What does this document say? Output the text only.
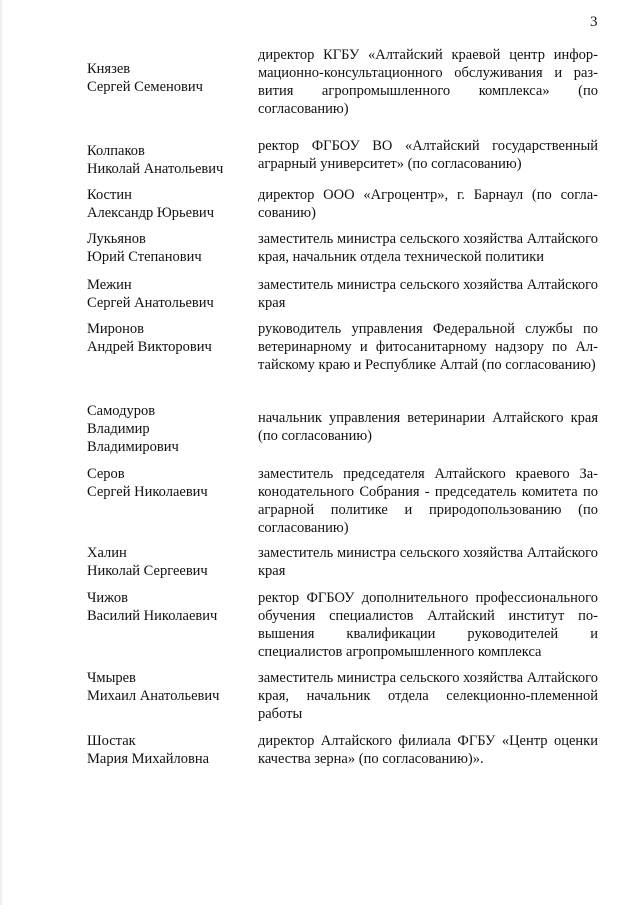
3
Князев
Сергей Семенович
директор КГБУ «Алтайский краевой центр информационно-консультационного обслуживания и развития агропромышленного комплекса» (по согласованию)
Колпаков
Николай Анатольевич
ректор ФГБОУ ВО «Алтайский государственный аграрный университет» (по согласованию)
Костин
Александр Юрьевич
директор ООО «Агроцентр», г. Барнаул (по согласованию)
Лукьянов
Юрий Степанович
заместитель министра сельского хозяйства Алтайского края, начальник отдела технической политики
Межин
Сергей Анатольевич
заместитель министра сельского хозяйства Алтайского края
Миронов
Андрей Викторович
руководитель управления Федеральной службы по ветеринарному и фитосанитарному надзору по Алтайскому краю и Республике Алтай (по согласованию)
Самодуров
Владимир
Владимирович
начальник управления ветеринарии Алтайского края (по согласованию)
Серов
Сергей Николаевич
заместитель председателя Алтайского краевого Законодательного Собрания - председатель комитета по аграрной политике и природопользованию (по согласованию)
Халин
Николай Сергеевич
заместитель министра сельского хозяйства Алтайского края
Чижов
Василий Николаевич
ректор ФГБОУ дополнительного профессионального обучения специалистов Алтайский институт повышения квалификации руководителей и специалистов агропромышленного комплекса
Чмырев
Михаил Анатольевич
заместитель министра сельского хозяйства Алтайского края, начальник отдела селекционно-племенной работы
Шостак
Мария Михайловна
директор Алтайского филиала ФГБУ «Центр оценки качества зерна» (по согласованию)».
